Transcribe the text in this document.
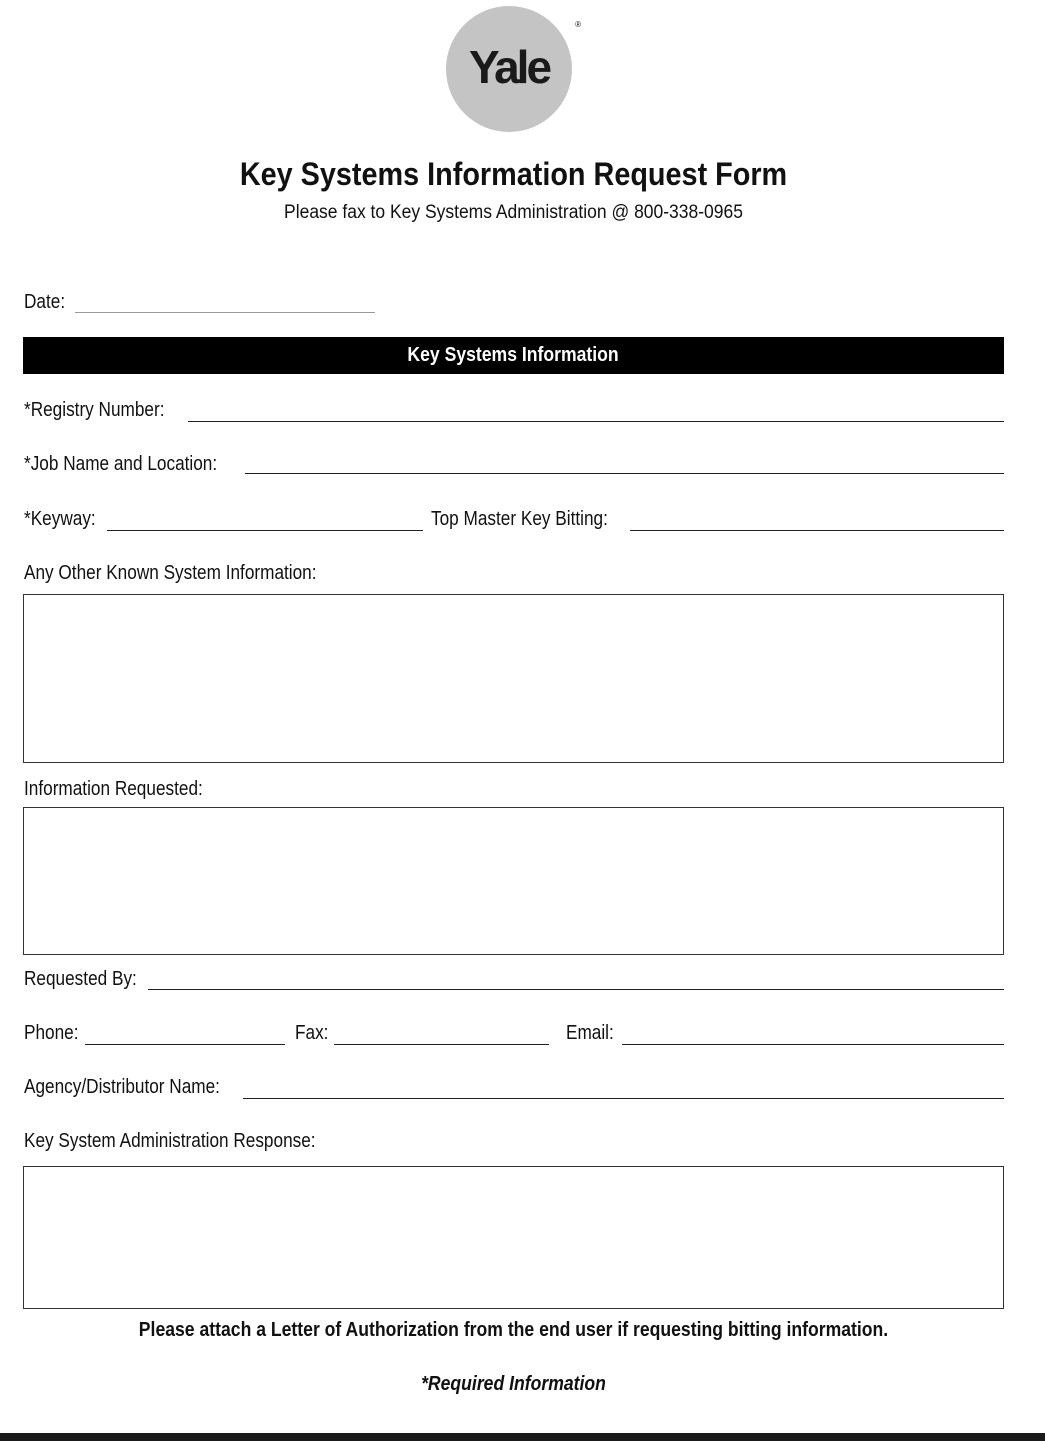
Yale
®
Key Systems Information Request Form
Please fax to Key Systems Administration @ 800-338-0965
Date:
Key Systems Information
*Registry Number:
*Job Name and Location:
*Keyway:	Top Master Key Bitting:
Any Other Known System Information:
Information Requested:
Requested By:
Phone:	Fax:	Email:
Agency/Distributor Name:
Key System Administration Response:
Please attach a Letter of Authorization from the end user if requesting bitting information.
*Required Information
